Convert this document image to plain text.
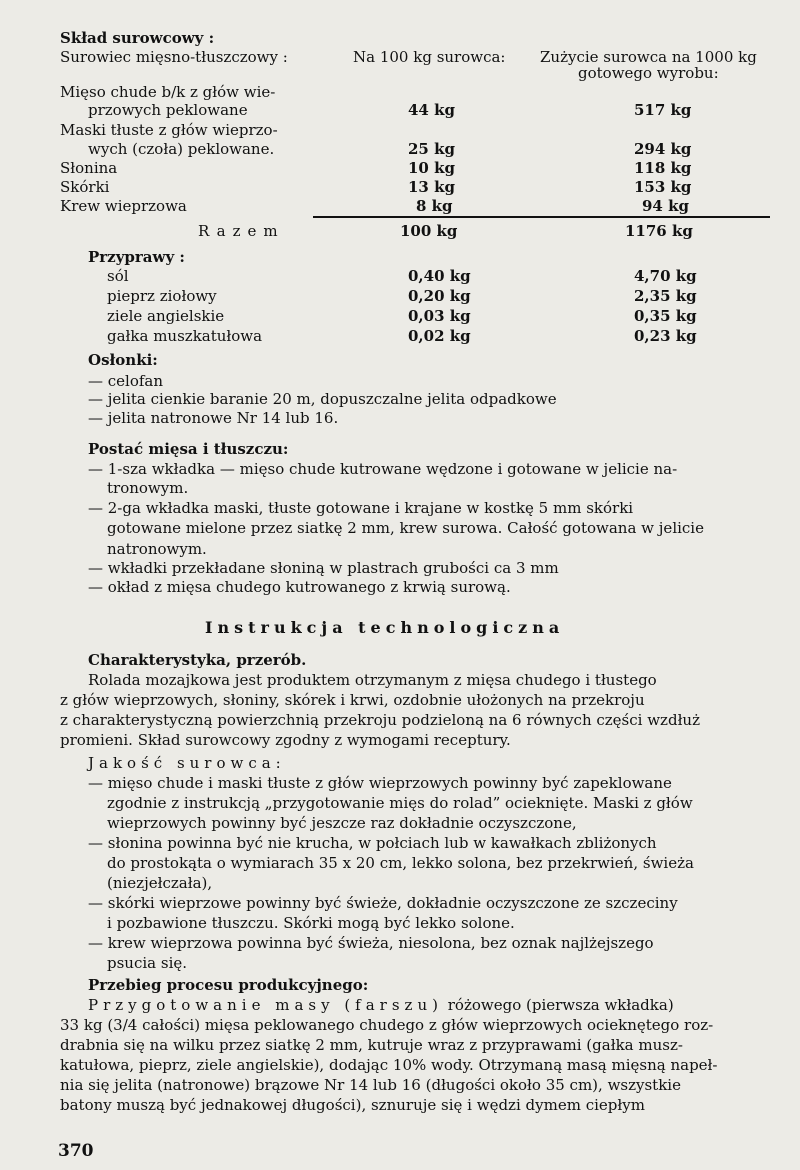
Skład surowcowy :
Surowiec mięsno-tłuszczowy :	Na 100 kg surowca: Zużycie surowca na 1000 kg
gotowego wyrobu:
Mięso chude b/k z głów wie-
przowych peklowane	44 kg	517 kg
Maski tłuste z głów wieprzo-
wych (czoła) peklowane.	25 kg	294 kg
Słonina	10 kg	118 kg
Skórki	13 kg	153 kg
Krew wieprzowa	8 kg	94 kg
Razem	100 kg	1176 kg
Przyprawy :
sól	0,40 kg	4,70 kg
pieprz ziołowy	0,20 kg	2,35 kg
ziele angielskie	0,03 kg	0,35 kg
gałka muszkatułowa	0,02 kg	0,23 kg
Osłonki:
— celofan
— jelita cienkie baranie 20 m, dopuszczalne jelita odpadkowe
— jelita natronowe Nr 14 lub 16.
Postać mięsa i tłuszczu:
— 1-sza wkładka — mięso chude kutrowane wędzone i gotowane w jelicie na-
tronowym.
— 2-ga wkładka maski, tłuste gotowane i krajane w kostkę 5 mm skórki
gotowane mielone przez siatkę 2 mm, krew surowa. Całość gotowana w jelicie
natronowym.
— wkładki przekładane słoniną w plastrach grubości ca 3 mm
— okład z mięsa chudego kutrowanego z krwią surową.
Instrukcja technologiczna
Charakterystyka, przerób.
Rolada mozajkowa jest produktem otrzymanym z mięsa chudego i tłustego
z głów wieprzowych, słoniny, skórek i krwi, ozdobnie ułożonych na przekroju
z charakterystyczną powierzchnią przekroju podzieloną na 6 równych części wzdłuż
promieni. Skład surowcowy zgodny z wymogami receptury.
Jakość surowca:
— mięso chude i maski tłuste z głów wieprzowych powinny być zapeklowane
zgodnie z instrukcją „przygotowanie mięs do rolad” ocieknięte. Maski z głów
wieprzowych powinny być jeszcze raz dokładnie oczyszczone,
— słonina powinna być nie krucha, w połciach lub w kawałkach zbliżonych
do prostokąta o wymiarach 35 x 20 cm, lekko solona, bez przekrwień, świeża
(niezjełczała),
— skórki wieprzowe powinny być świeże, dokładnie oczyszczone ze szczeciny
i pozbawione tłuszczu. Skórki mogą być lekko solone.
— krew wieprzowa powinna być świeża, niesolona, bez oznak najlżejszego
psucia się.
Przebieg procesu produkcyjnego:
Przygotowanie masy (farszu) różowego (pierwsza wkładka)
33 kg (3/4 całości) mięsa peklowanego chudego z głów wieprzowych ocieknętego roz-
drabnia się na wilku przez siatkę 2 mm, kutruje wraz z przyprawami (gałka musz-
katułowa, pieprz, ziele angielskie), dodając 10% wody. Otrzymaną masą mięsną napeł-
nia się jelita (natronowe) brązowe Nr 14 lub 16 (długości około 35 cm), wszystkie
batony muszą być jednakowej długości), sznuruje się i wędzi dymem ciepłym
370
